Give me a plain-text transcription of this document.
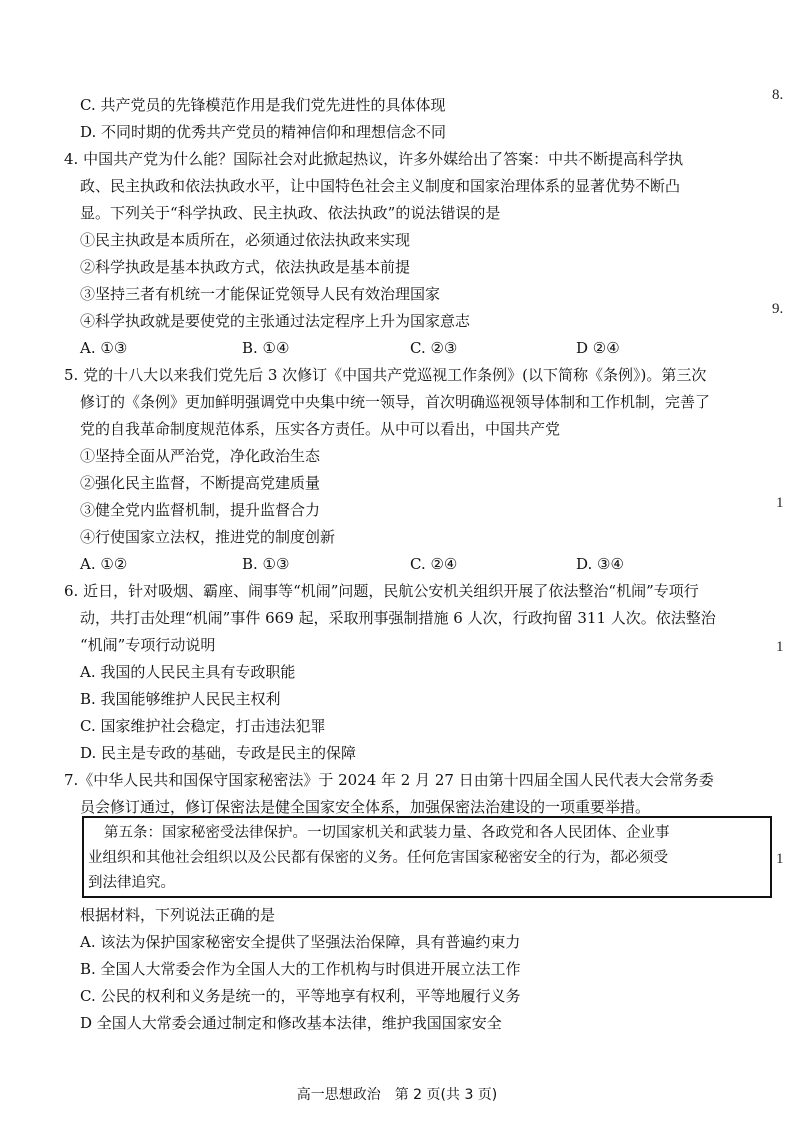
8.
9.
1
1
1
C. 共产党员的先锋模范作用是我们党先进性的具体体现
D. 不同时期的优秀共产党员的精神信仰和理想信念不同
4. 中国共产党为什么能？国际社会对此掀起热议，许多外媒给出了答案：中共不断提高科学执
政、民主执政和依法执政水平，让中国特色社会主义制度和国家治理体系的显著优势不断凸
显。下列关于“科学执政、民主执政、依法执政”的说法错误的是
①民主执政是本质所在，必须通过依法执政来实现
②科学执政是基本执政方式，依法执政是基本前提
③坚持三者有机统一才能保证党领导人民有效治理国家
④科学执政就是要使党的主张通过法定程序上升为国家意志
A. ①③	B. ①④	C. ②③	D ②④
5. 党的十八大以来我们党先后 3 次修订《中国共产党巡视工作条例》(以下简称《条例》)。第三次
修订的《条例》更加鲜明强调党中央集中统一领导，首次明确巡视领导体制和工作机制，完善了
党的自我革命制度规范体系，压实各方责任。从中可以看出，中国共产党
①坚持全面从严治党，净化政治生态
②强化民主监督，不断提高党建质量
③健全党内监督机制，提升监督合力
④行使国家立法权，推进党的制度创新
A. ①②	B. ①③	C. ②④	D. ③④
6. 近日，针对吸烟、霸座、闹事等“机闹”问题，民航公安机关组织开展了依法整治“机闹”专项行
动，共打击处理“机闹”事件 669 起，采取刑事强制措施 6 人次，行政拘留 311 人次。依法整治
“机闹”专项行动说明
A. 我国的人民民主具有专政职能
B. 我国能够维护人民民主权利
C. 国家维护社会稳定，打击违法犯罪
D. 民主是专政的基础，专政是民主的保障
7.《中华人民共和国保守国家秘密法》于 2024 年 2 月 27 日由第十四届全国人民代表大会常务委
员会修订通过，修订保密法是健全国家安全体系，加强保密法治建设的一项重要举措。
第五条：国家秘密受法律保护。一切国家机关和武装力量、各政党和各人民团体、企业事
业组织和其他社会组织以及公民都有保密的义务。任何危害国家秘密安全的行为，都必须受
到法律追究。
根据材料，下列说法正确的是
A. 该法为保护国家秘密安全提供了坚强法治保障，具有普遍约束力
B. 全国人大常委会作为全国人大的工作机构与时俱进开展立法工作
C. 公民的权利和义务是统一的，平等地享有权利，平等地履行义务
D 全国人大常委会通过制定和修改基本法律，维护我国国家安全
高一思想政治　第 2 页(共 3 页)
